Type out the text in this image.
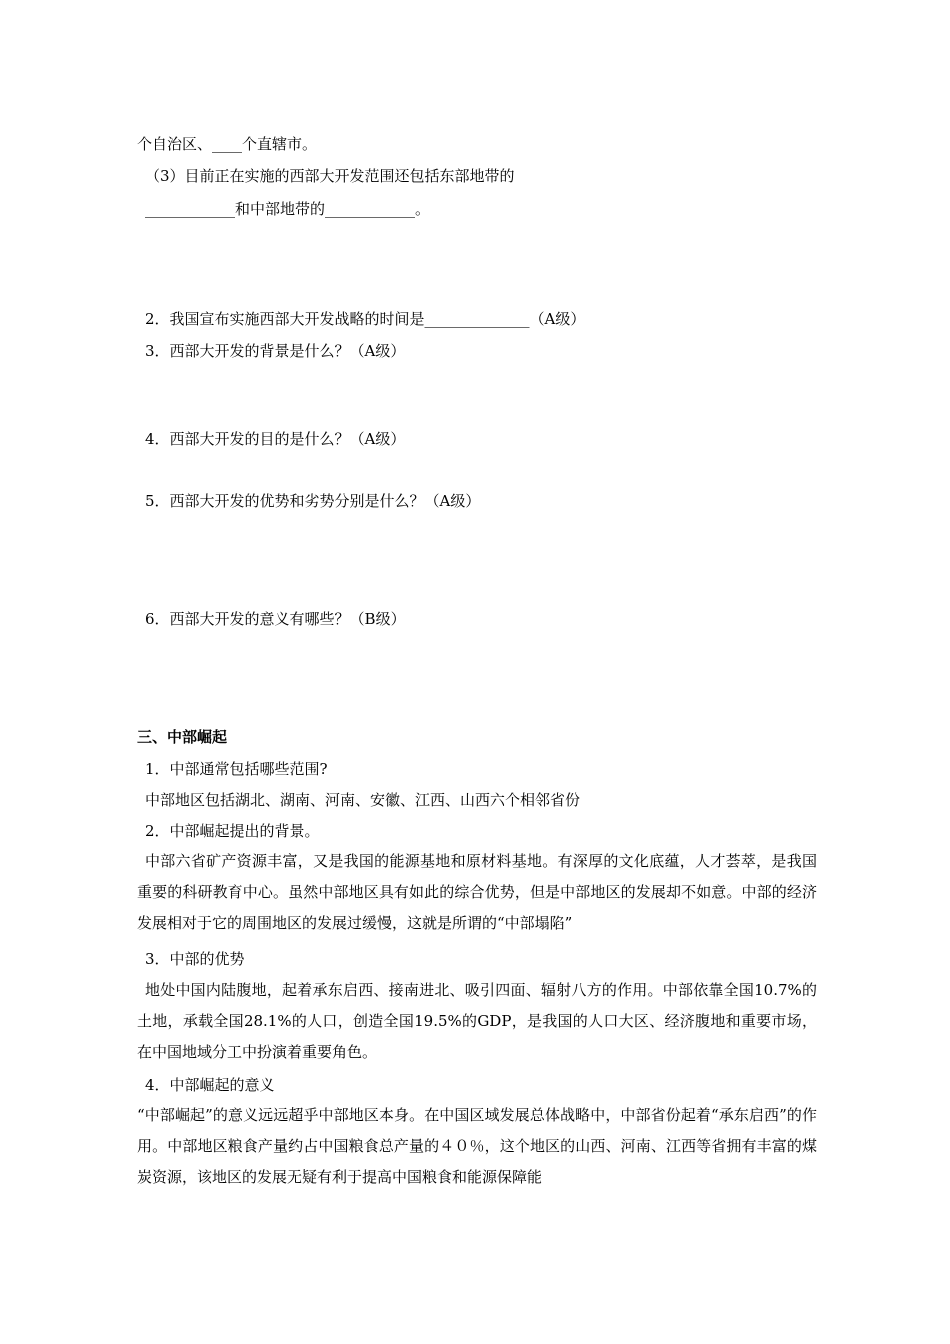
个自治区、____个直辖市。
（3）目前正在实施的西部大开发范围还包括东部地带的
____________和中部地带的____________。
2．我国宣布实施西部大开发战略的时间是______________（A级）
3．西部大开发的背景是什么？（A级）
4．西部大开发的目的是什么？（A级）
5．西部大开发的优势和劣势分别是什么？（A级）
6．西部大开发的意义有哪些？（B级）
三、中部崛起
1．中部通常包括哪些范围?
中部地区包括湖北、湖南、河南、安徽、江西、山西六个相邻省份
2．中部崛起提出的背景。
中部六省矿产资源丰富，又是我国的能源基地和原材料基地。有深厚的文化底蕴，人才荟萃，是我国重要的科研教育中心。虽然中部地区具有如此的综合优势，但是中部地区的发展却不如意。中部的经济发展相对于它的周围地区的发展过缓慢，这就是所谓的“中部塌陷”
3．中部的优势
地处中国内陆腹地，起着承东启西、接南进北、吸引四面、辐射八方的作用。中部依靠全国10.7%的土地，承载全国28.1%的人口，创造全国19.5%的GDP，是我国的人口大区、经济腹地和重要市场，在中国地域分工中扮演着重要角色。
4．中部崛起的意义
“中部崛起”的意义远远超乎中部地区本身。在中国区域发展总体战略中，中部省份起着“承东启西”的作用。中部地区粮食产量约占中国粮食总产量的４０％，这个地区的山西、河南、江西等省拥有丰富的煤炭资源，该地区的发展无疑有利于提高中国粮食和能源保障能
